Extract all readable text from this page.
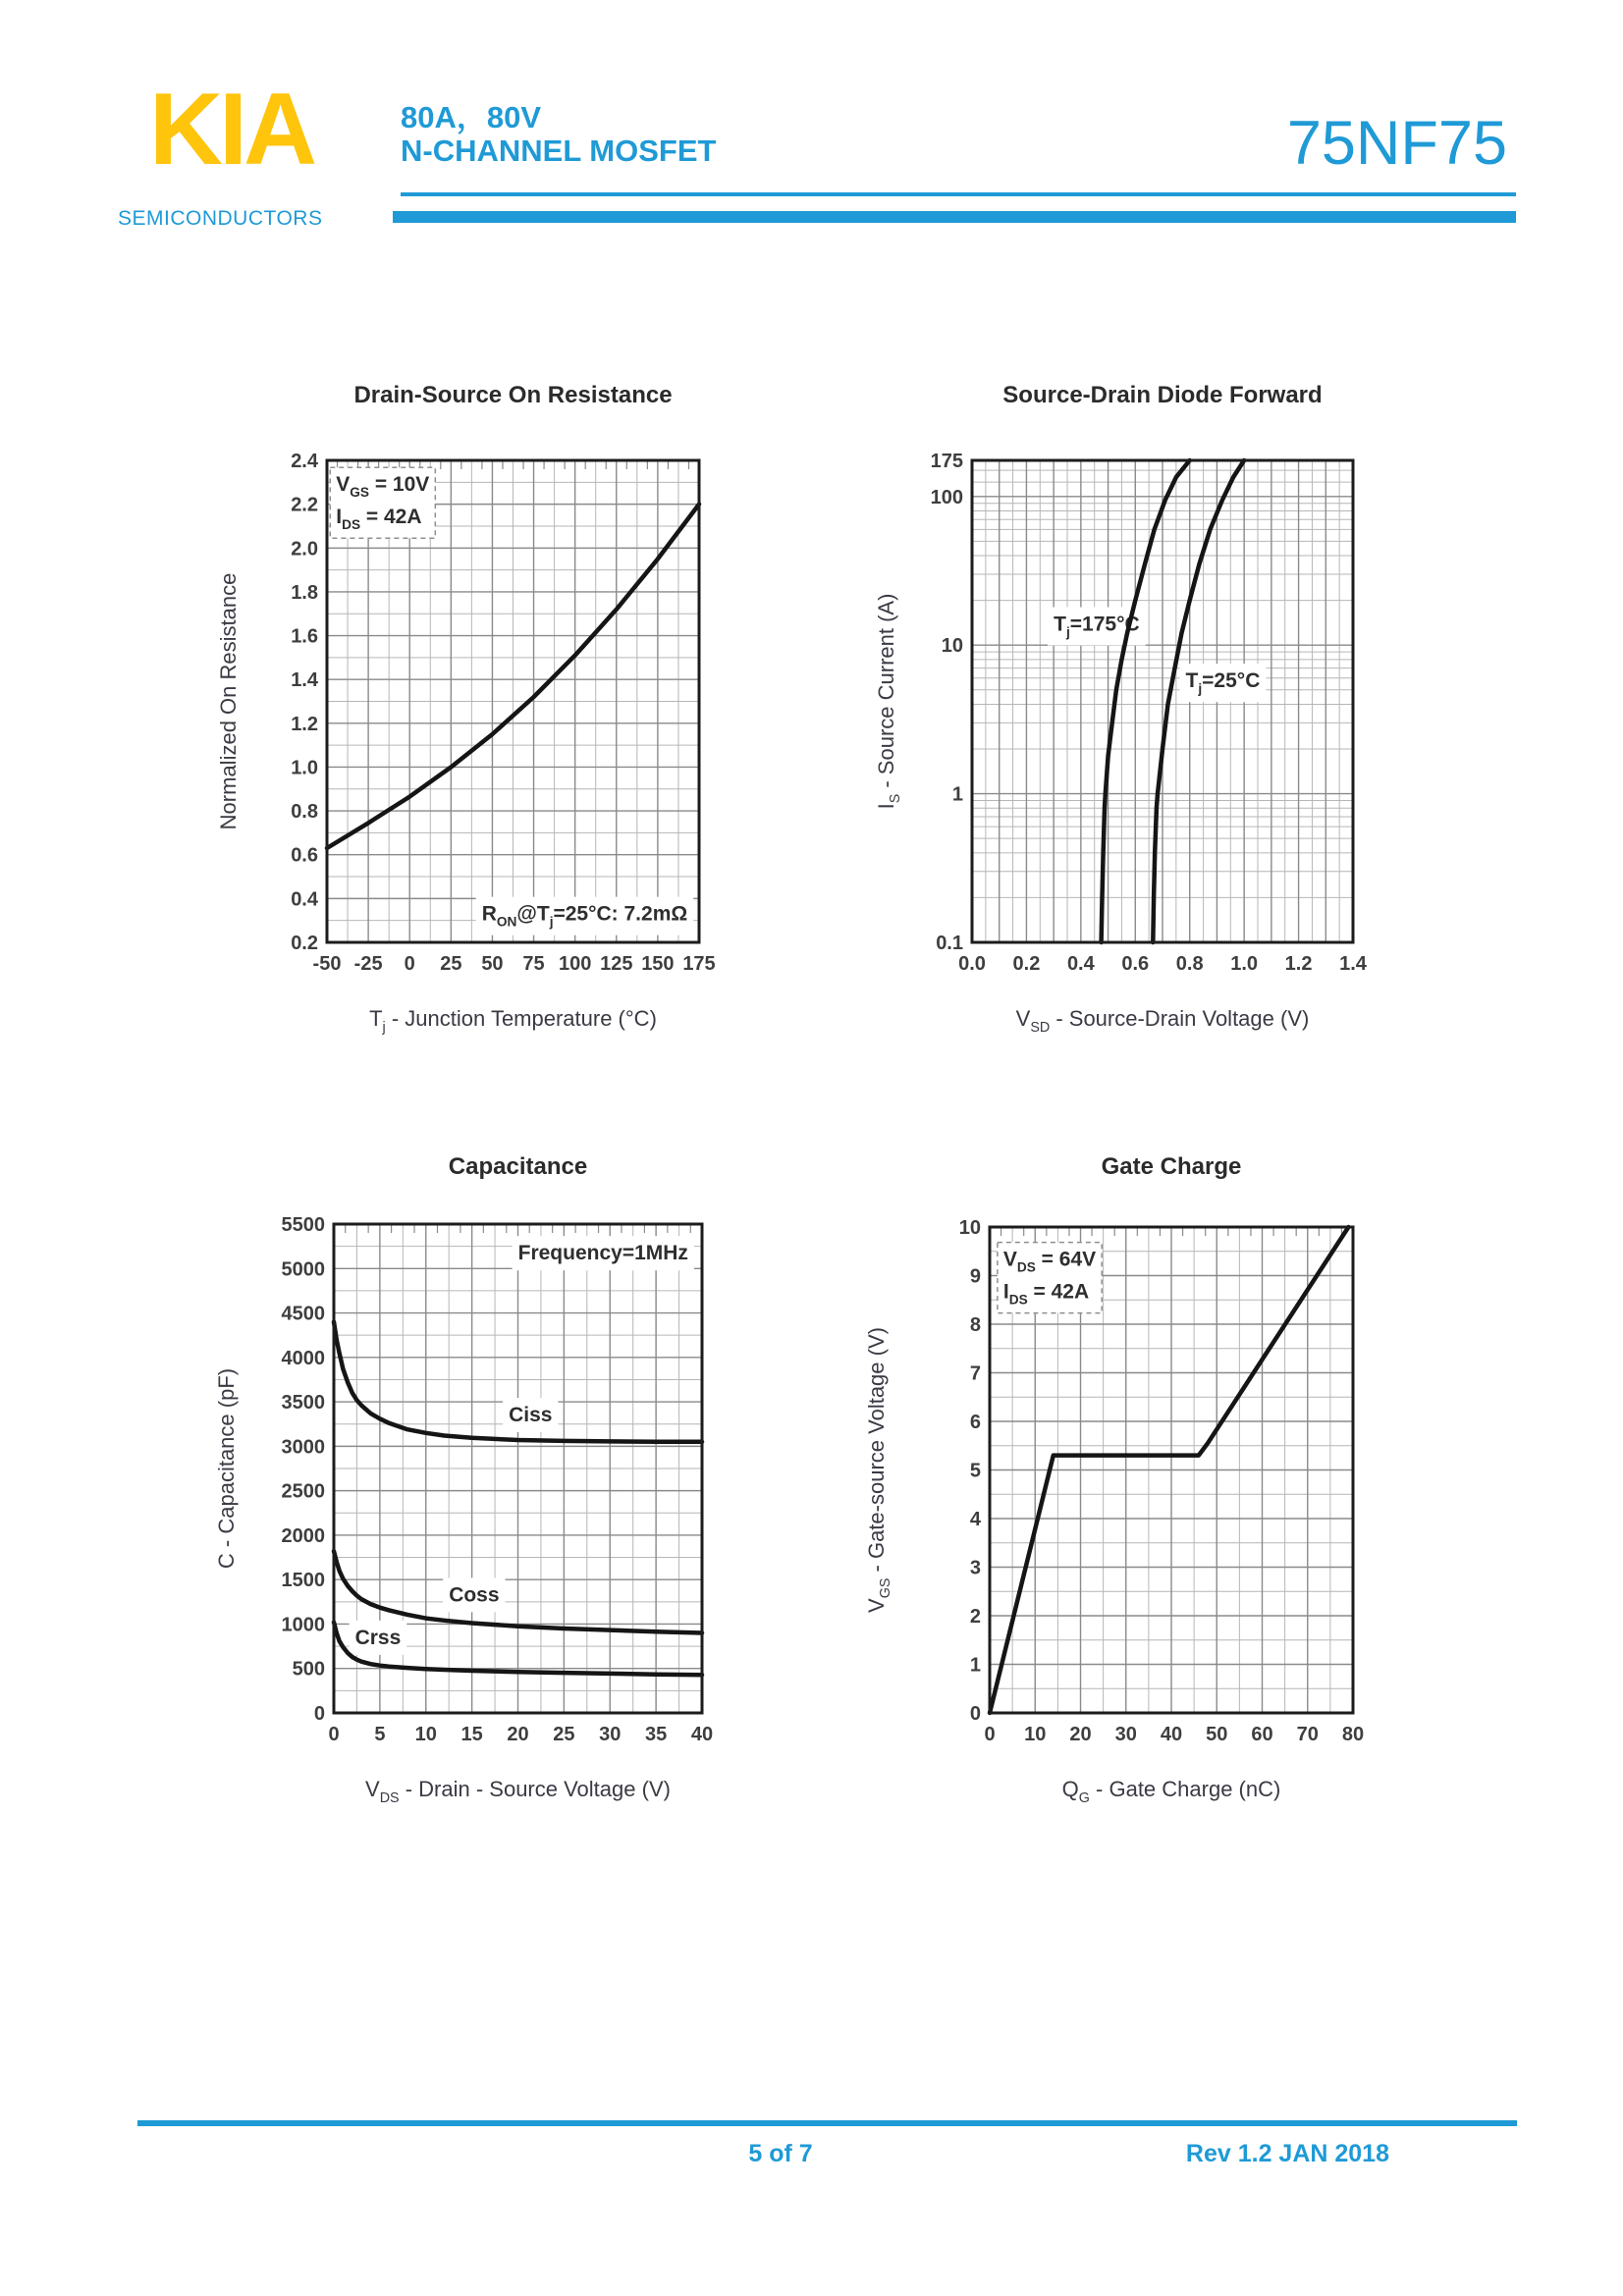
KIA
SEMICONDUCTORS
80A，80V
N-CHANNEL MOSFET	75NF75
$V_{GS} = 10V$
$I_{DS} = 42A$
$R_{ON}@T_j=25^\circ C$: 7.2mΩ
-50 -25 0 25 50 75 100 125 150 175
0.2
0.4
0.6
0.8
1.0
1.2
1.4
1.6
1.8
2.0
2.2
2.4
Drain-Source On Resistance
$T_j$ - Junction Temperature (°C)
Normalized On Resistance	$T_j=175^\circ C$
$T_j=25^\circ C$
0.0 0.2 0.4 0.6 0.8 1.0 1.2 1.4
175
100
10
1
0.1
Source-Drain Diode Forward
$V_{SD}$ - Source-Drain Voltage (V)
$I_S$ - Source Current (A)
Frequency=1MHz
Ciss
Coss
Crss
0 5 10 15 20 25 30 35 40
0
500
1000
1500
2000
2500
3000
3500
4000
4500
5000
5500
Capacitance
$V_{DS}$ - Drain - Source Voltage (V)
C - Capacitance (pF)
$V_{DS} = 64V$
$I_{DS} = 42A$
0 10 20 30 40 50 60 70 80
0
1
2
3
4
5
6
7
8
9
10
Gate Charge
$Q_G$ - Gate Charge (nC)
$V_{GS}$ - Gate-source Voltage (V)
5 of 7	Rev 1.2 JAN 2018
